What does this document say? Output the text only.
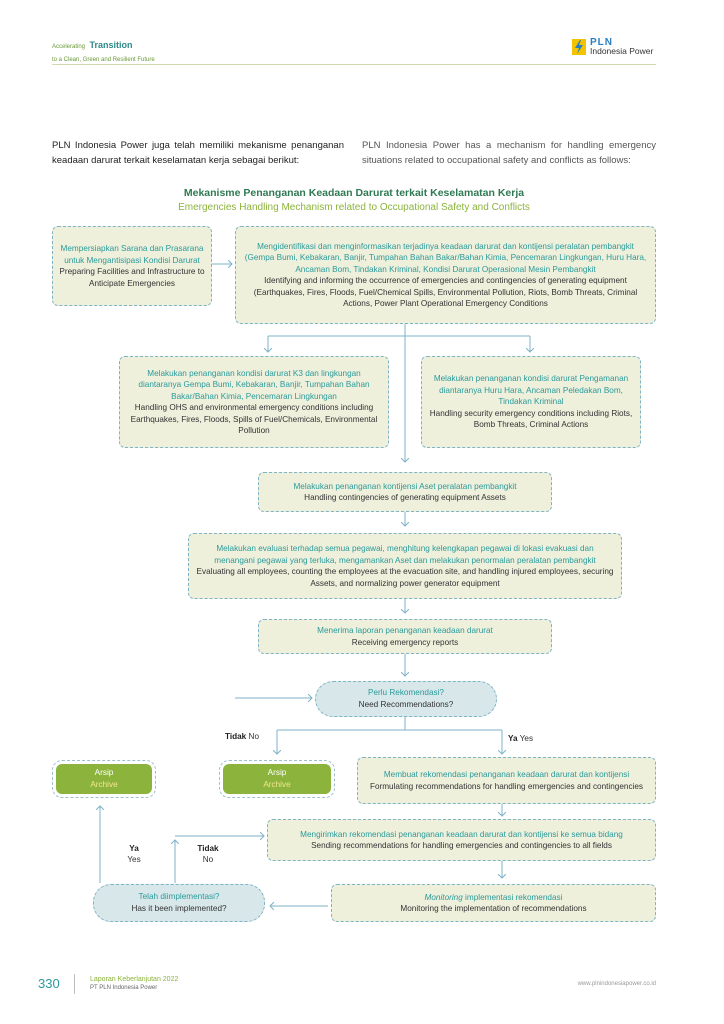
Accelerating Transition
to a Clean, Green and Resilient Future
PLN
Indonesia Power
PLN Indonesia Power juga telah memiliki mekanisme penanganan keadaan darurat terkait keselamatan kerja sebagai berikut:
PLN Indonesia Power has a mechanism for handling emergency situations related to occupational safety and conflicts as follows:
Mekanisme Penanganan Keadaan Darurat terkait Keselamatan Kerja
Emergencies Handling Mechanism related to Occupational Safety and Conflicts
Mempersiapkan Sarana dan Prasarana untuk Mengantisipasi Kondisi Darurat
Preparing Facilities and Infrastructure to Anticipate Emergencies
Mengidentifikasi dan menginformasikan terjadinya keadaan darurat dan kontijensi peralatan pembangkit (Gempa Bumi, Kebakaran, Banjir, Tumpahan Bahan Bakar/Bahan Kimia, Pencemaran Lingkungan, Huru Hara, Ancaman Bom, Tindakan Kriminal, Kondisi Darurat Operasional Mesin Pembangkit
Identifying and informing the occurrence of emergencies and contingencies of generating equipment (Earthquakes, Fires, Floods, Fuel/Chemical Spills, Environmental Pollution, Riots, Bomb Threats, Criminal Actions, Power Plant Operational Emergency Conditions
Melakukan penanganan kondisi darurat K3 dan lingkungan diantaranya Gempa Bumi, Kebakaran, Banjir, Tumpahan Bahan Bakar/Bahan Kimia, Pencemaran Lingkungan
Handling OHS and environmental emergency conditions including Earthquakes, Fires, Floods, Spills of Fuel/Chemicals, Environmental Pollution
Melakukan penanganan kondisi darurat Pengamanan diantaranya Huru Hara, Ancaman Peledakan Bom, Tindakan Kriminal
Handling security emergency conditions including Riots, Bomb Threats, Criminal Actions
Melakukan penanganan kontijensi Aset peralatan pembangkit
Handling contingencies of generating equipment Assets
Melakukan evaluasi terhadap semua pegawai, menghitung kelengkapan pegawai di lokasi evakuasi dan menangani pegawai yang terluka, mengamankan Aset dan melakukan penormalan peralatan pembangkit
Evaluating all employees, counting the employees at the evacuation site, and handling injured employees, securing Assets, and normalizing power generator equipment
Menerima laporan penanganan keadaan darurat
Receiving emergency reports
Perlu Rekomendasi?
Need Recommendations?
Tidak No	Ya Yes
Arsip
Archive
Arsip
Archive
Membuat rekomendasi penanganan keadaan darurat dan kontijensi
Formulating recommendations for handling emergencies and contingencies
Mengirimkan rekomendasi penanganan keadaan darurat dan kontijensi ke semua bidang
Sending recommendations for handling emergencies and contingencies to all fields
Ya
Yes
Tidak
No
Telah diimplementasi?
Has it been implemented?
Monitoring implementasi rekomendasi
Monitoring the implementation of recommendations
330	Laporan Keberlanjutan 2022
PT PLN Indonesia Power
www.plnindonesiapower.co.id
